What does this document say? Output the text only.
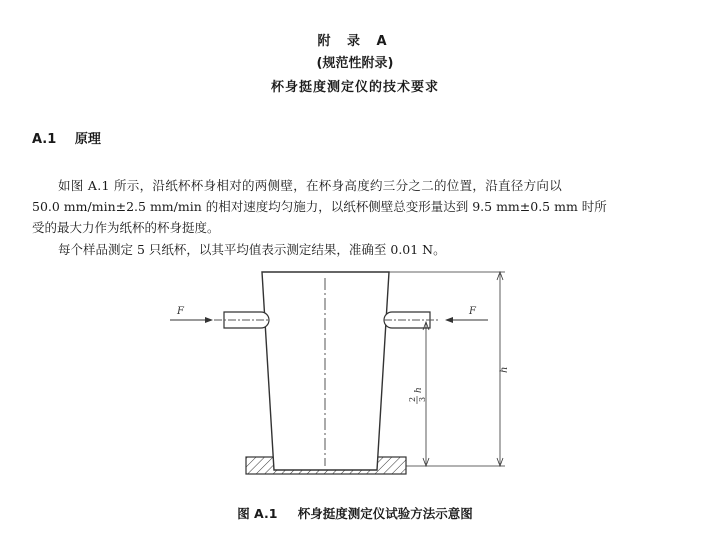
附 录 A
(规范性附录)
杯身挺度测定仪的技术要求
A.1 原理
如图 A.1 所示，沿纸杯杯身相对的两侧壁，在杯身高度约三分之二的位置，沿直径方向以
50.0 mm/min±2.5 mm/min 的相对速度均匀施力，以纸杯侧壁总变形量达到 9.5 mm±0.5 mm 时所
受的最大力作为纸杯的杯身挺度。
每个样品测定 5 只纸杯，以其平均值表示测定结果，准确至 0.01 N。
F	F
h
2 3
h
图 A.1 杯身挺度测定仪试验方法示意图
